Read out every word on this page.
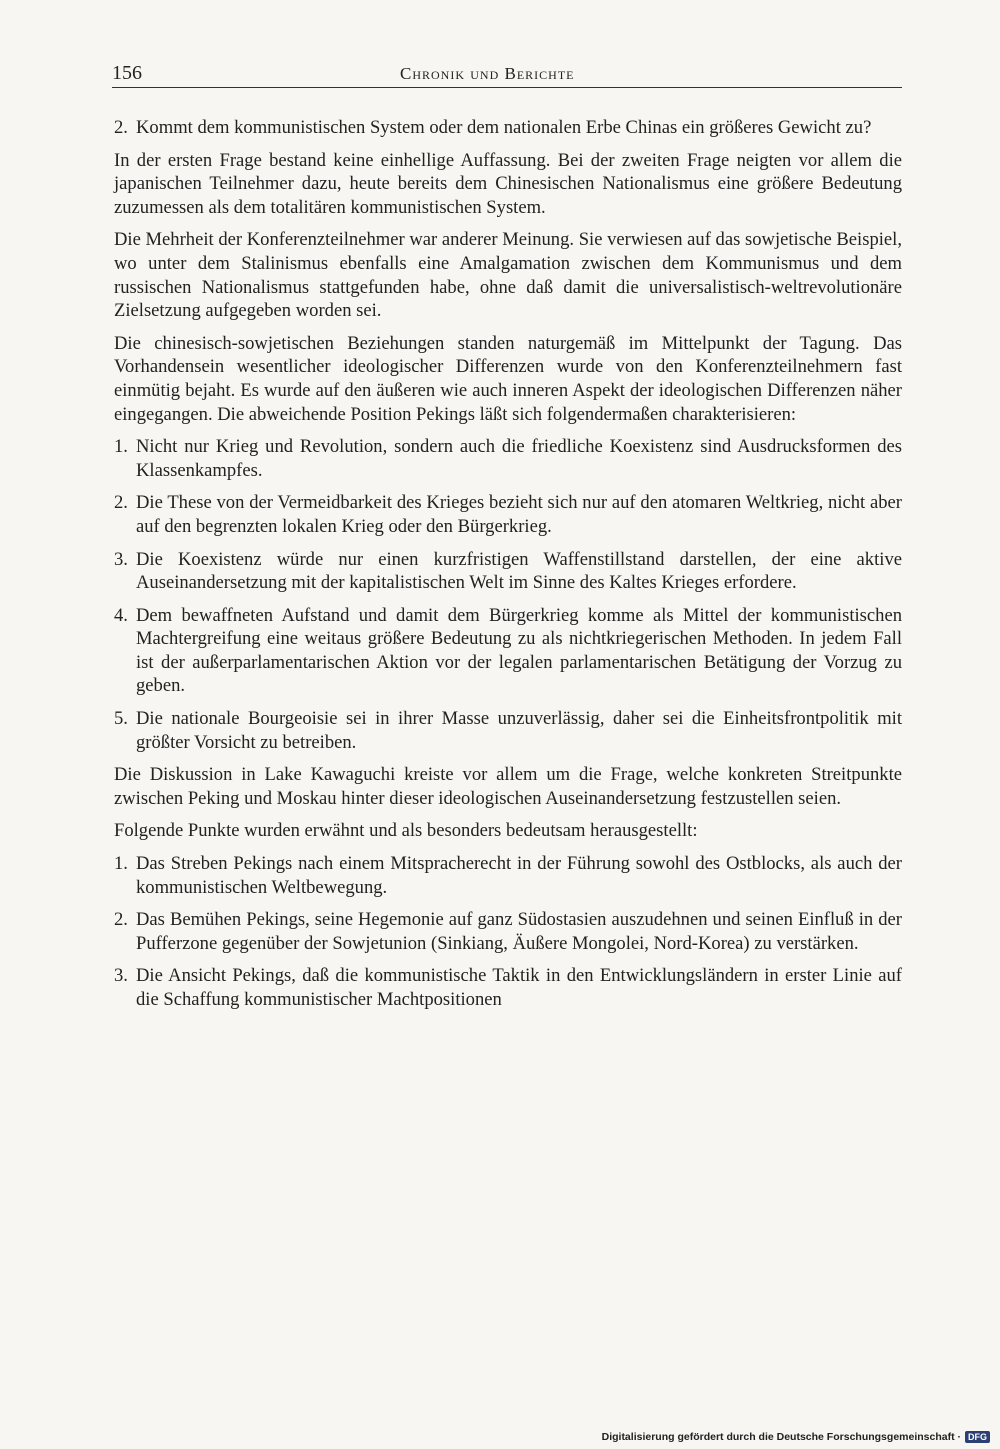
156	Chronik und Berichte
2. Kommt dem kommunistischen System oder dem nationalen Erbe Chinas ein größeres Gewicht zu?

In der ersten Frage bestand keine einhellige Auffassung. Bei der zweiten Frage neigten vor allem die japanischen Teilnehmer dazu, heute bereits dem Chinesischen Nationalismus eine größere Bedeutung zuzumessen als dem totalitären kommunistischen System.

Die Mehrheit der Konferenzteilnehmer war anderer Meinung. Sie verwiesen auf das sowjetische Beispiel, wo unter dem Stalinismus ebenfalls eine Amalgamation zwischen dem Kommunismus und dem russischen Nationalismus stattgefunden habe, ohne daß damit die universalistisch-weltrevolutionäre Zielsetzung aufgegeben worden sei.

Die chinesisch-sowjetischen Beziehungen standen naturgemäß im Mittelpunkt der Tagung. Das Vorhandensein wesentlicher ideologischer Differenzen wurde von den Konferenzteilnehmern fast einmütig bejaht. Es wurde auf den äußeren wie auch inneren Aspekt der ideologischen Differenzen näher eingegangen. Die abweichende Position Pekings läßt sich folgendermaßen charakterisieren:

1. Nicht nur Krieg und Revolution, sondern auch die friedliche Koexistenz sind Ausdrucksformen des Klassenkampfes.
2. Die These von der Vermeidbarkeit des Krieges bezieht sich nur auf den atomaren Weltkrieg, nicht aber auf den begrenzten lokalen Krieg oder den Bürgerkrieg.
3. Die Koexistenz würde nur einen kurzfristigen Waffenstillstand darstellen, der eine aktive Auseinandersetzung mit der kapitalistischen Welt im Sinne des Kaltes Krieges erfordere.
4. Dem bewaffneten Aufstand und damit dem Bürgerkrieg komme als Mittel der kommunistischen Machtergreifung eine weitaus größere Bedeutung zu als nichtkriegerischen Methoden. In jedem Fall ist der außerparlamentarischen Aktion vor der legalen parlamentarischen Betätigung der Vorzug zu geben.
5. Die nationale Bourgeoisie sei in ihrer Masse unzuverlässig, daher sei die Einheitsfrontpolitik mit größter Vorsicht zu betreiben.

Die Diskussion in Lake Kawaguchi kreiste vor allem um die Frage, welche konkreten Streitpunkte zwischen Peking und Moskau hinter dieser ideologischen Auseinandersetzung festzustellen seien.

Folgende Punkte wurden erwähnt und als besonders bedeutsam herausgestellt:

1. Das Streben Pekings nach einem Mitspracherecht in der Führung sowohl des Ostblocks, als auch der kommunistischen Weltbewegung.
2. Das Bemühen Pekings, seine Hegemonie auf ganz Südostasien auszudehnen und seinen Einfluß in der Pufferzone gegenüber der Sowjetunion (Sinkiang, Äußere Mongolei, Nord-Korea) zu verstärken.
3. Die Ansicht Pekings, daß die kommunistische Taktik in den Entwicklungsländern in erster Linie auf die Schaffung kommunistischer Machtpositionen
Digitalisierung gefördert durch die Deutsche Forschungsgemeinschaft · DFG
